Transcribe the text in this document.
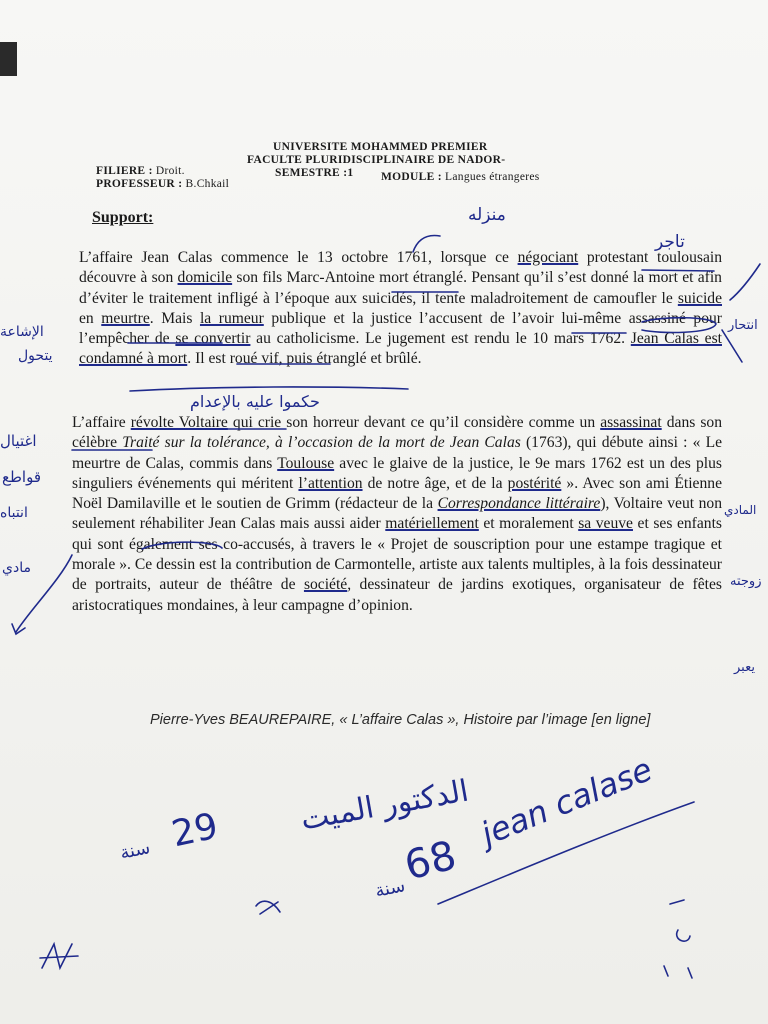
UNIVERSITE MOHAMMED PREMIER
FACULTE PLURIDISCIPLINAIRE DE NADOR-
FILIERE : Droit.	SEMESTRE :1 MODULE : Langues étrangeres
PROFESSEUR : B.Chkail
Support:
L’affaire Jean Calas commence le 13 octobre 1761, lorsque ce négociant protestant toulousain découvre à son domicile son fils Marc-Antoine mort étranglé. Pensant qu’il s’est donné la mort et afin d’éviter le traitement infligé à l’époque aux suicidés, il tente maladroitement de camoufler le suicide en meurtre. Mais la rumeur publique et la justice l’accusent de l’avoir lui-même assassiné pour l’empêcher de se convertir au catholicisme. Le jugement est rendu le 10 mars 1762. Jean Calas est condamné à mort. Il est roué vif, puis étranglé et brûlé.
L’affaire révolte Voltaire qui crie son horreur devant ce qu’il considère comme un assassinat dans son célèbre Traité sur la tolérance, à l’occasion de la mort de Jean Calas (1763), qui débute ainsi : « Le meurtre de Calas, commis dans Toulouse avec le glaive de la justice, le 9e mars 1762 est un des plus singuliers événements qui méritent l’attention de notre âge, et de la postérité ». Avec son ami Étienne Noël Damilaville et le soutien de Grimm (rédacteur de la Correspondance littéraire), Voltaire veut non seulement réhabiliter Jean Calas mais aussi aider matériellement et moralement sa veuve et ses enfants qui sont également ses co-accusés, à travers le « Projet de souscription pour une estampe tragique et morale ». Ce dessin est la contribution de Carmontelle, artiste aux talents multiples, à la fois dessinateur de portraits, auteur de théâtre de société, dessinateur de jardins exotiques, organisateur de fêtes aristocratiques mondaines, à leur campagne d’opinion.
Pierre-Yves BEAUREPAIRE, « L’affaire Calas », Histoire par l’image [en ligne]
منزله
تاجر
حكموا عليه بالإعدام
الإشاعة
يتحول
اغتيال
قواطع
انتباه
مادي
انتحار
المادي
زوجته
يعبر
الدكتور الميت
سنة 29
سنة
68
jean calase
